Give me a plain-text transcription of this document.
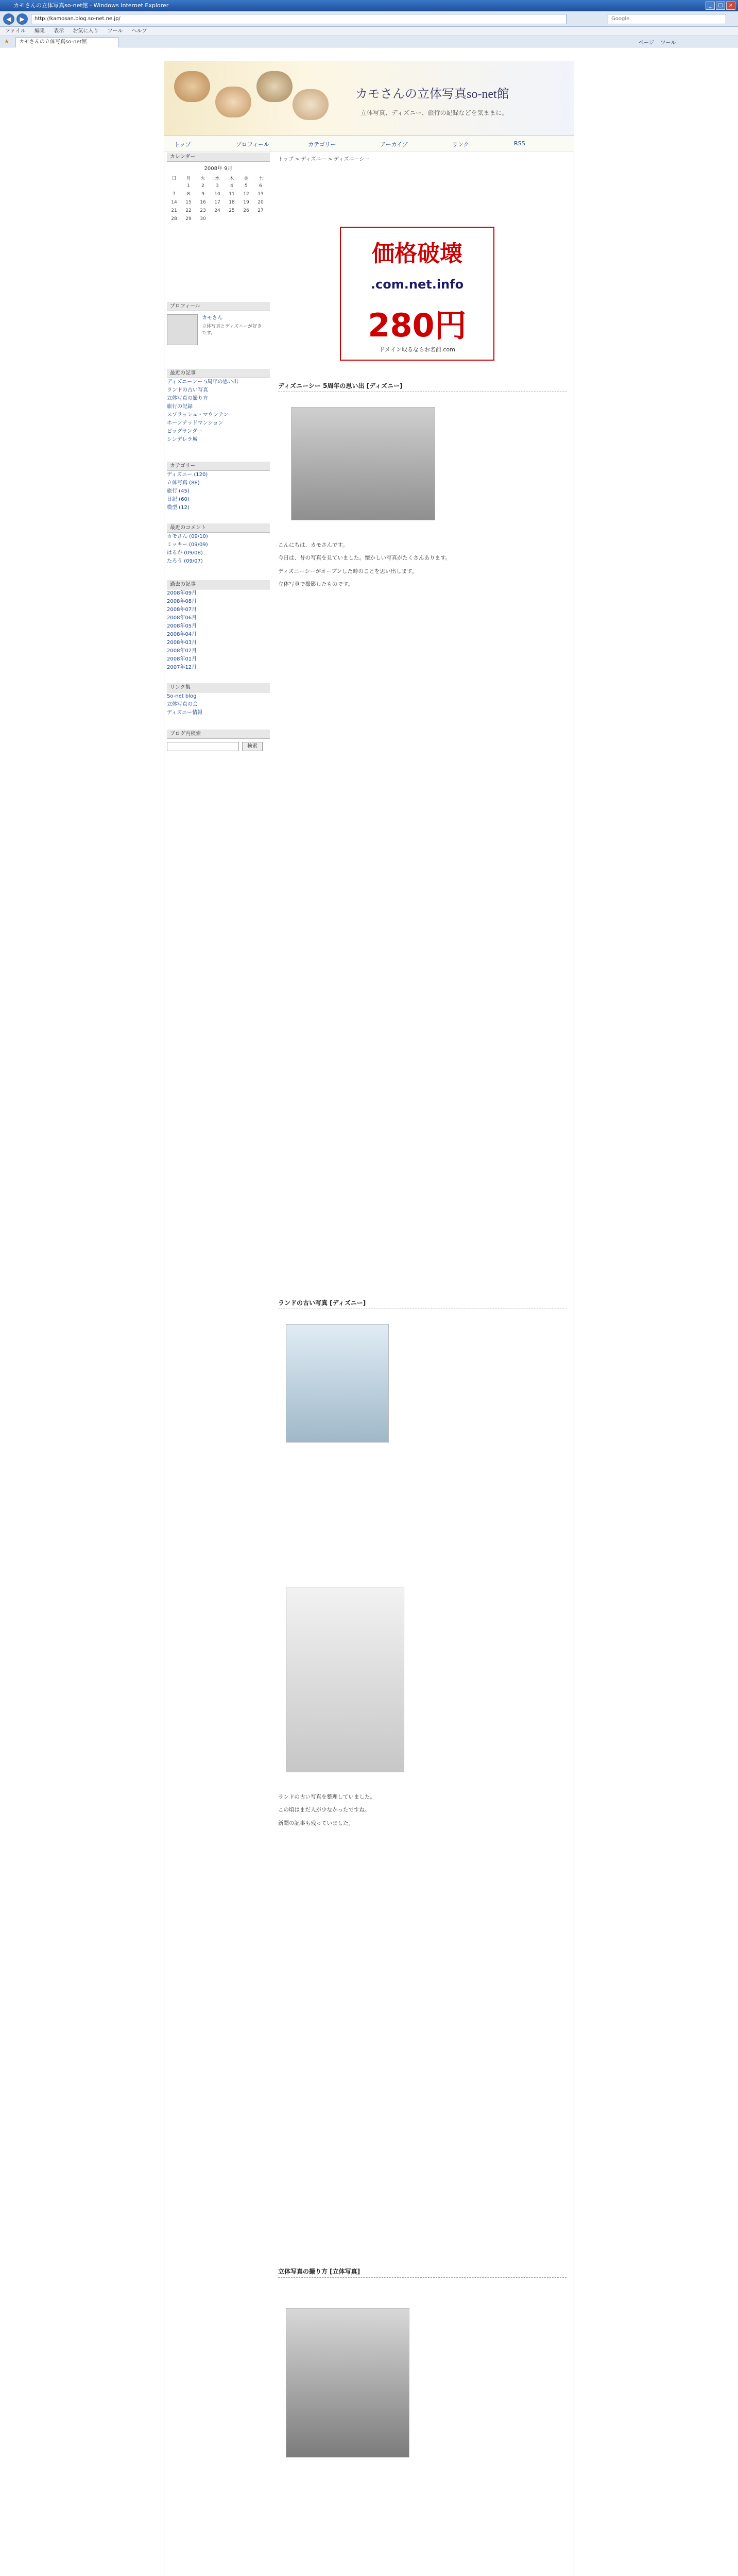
カモさんの立体写真so-net館 - Windows Internet Explorer	_	□	×
◀	▶	http://kamosan.blog.so-net.ne.jp/	Google
ファイル 編集 表示 お気に入り ツール ヘルプ
★	カモさんの立体写真so-net館	ページ ツール
カモさんの立体写真so-net館
立体写真、ディズニー、旅行の記録などを気ままに。
トップ	プロフィール	カテゴリー	アーカイブ	リンク	RSS
カレンダー
2008年 9月
日	月	火	水	木	金	土
	1	2	3	4	5	6
7	8	9	10	11	12	13
14	15	16	17	18	19	20
21	22	23	24	25	26	27
28	29	30				
プロフィール
カモさん
立体写真とディズニーが好きです。
最近の記事
ディズニーシー 5周年の思い出
ランドの古い写真
立体写真の撮り方
旅行の記録
スプラッシュ・マウンテン
ホーンテッドマンション
ビッグサンダー
シンデレラ城
カテゴリー
ディズニー (120)
立体写真 (88)
旅行 (45)
日記 (60)
模型 (12)
最近のコメント
カモさん (09/10)
ミッキー (09/09)
はるか (09/08)
たろう (09/07)
過去の記事
2008年09月
2008年08月
2008年07月
2008年06月
2008年05月
2008年04月
2008年03月
2008年02月
2008年01月
2007年12月
リンク集
So-net blog
立体写真の会
ディズニー情報
ブログ内検索
検索
トップ > ディズニー > ディズニーシー
価格破壊
.com.net.info
280円
ドメイン取るならお名前.com
ディズニーシー 5周年の思い出 [ディズニー]

こんにちは、カモさんです。

今日は、昔の写真を見ていました。懐かしい写真がたくさんあります。

ディズニーシーがオープンした時のことを思い出します。

立体写真で撮影したものです。

ランドの古い写真 [ディズニー]

ランドの古い写真を整理していました。

この頃はまだ人が少なかったですね。

新聞の記事も残っていました。

立体写真の撮り方 [立体写真]
